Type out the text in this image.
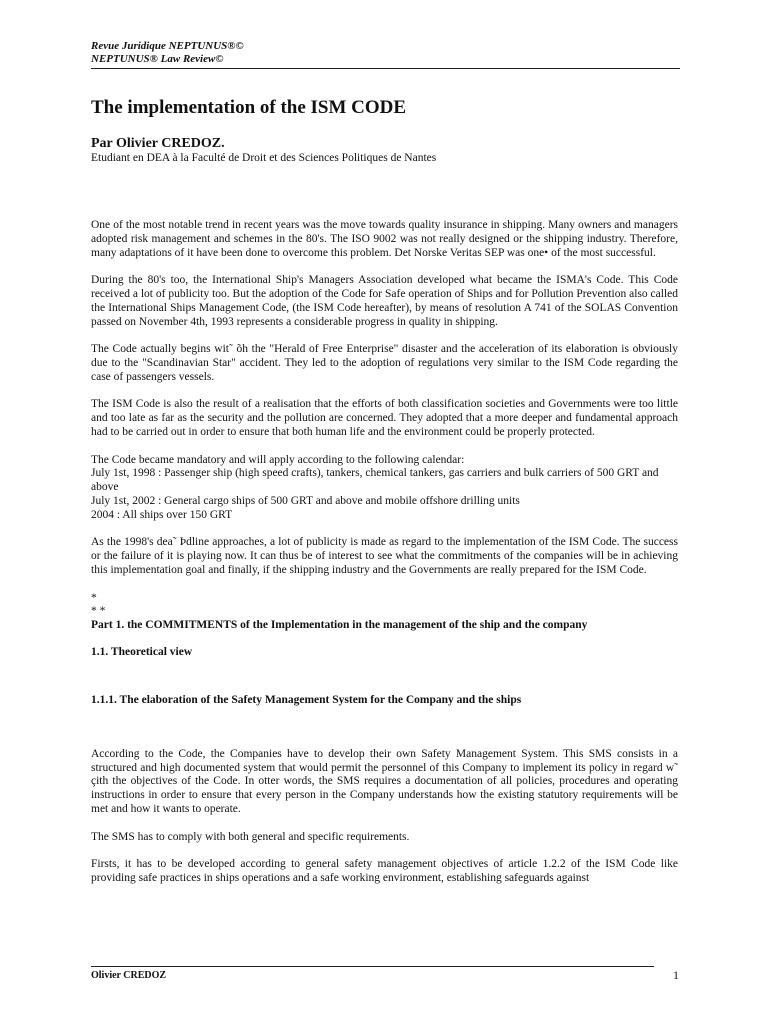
Revue Juridique NEPTUNUS®©
NEPTUNUS® Law Review©
The implementation of the ISM CODE

Par Olivier CREDOZ.

Etudiant en DEA à la Faculté de Droit et des Sciences Politiques de Nantes

One of the most notable trend in recent years was the move towards quality insurance in shipping. Many owners and managers adopted risk management and schemes in the 80's. The ISO 9002 was not really designed or the shipping industry. Therefore, many adaptations of it have been done to overcome this problem. Det Norske Veritas SEP was one• of the most successful.

During the 80's too, the International Ship's Managers Association developed what became the ISMA's Code. This Code received a lot of publicity too. But the adoption of the Code for Safe operation of Ships and for Pollution Prevention also called the International Ships Management Code, (the ISM Code hereafter), by means of resolution A 741 of the SOLAS Convention passed on November 4th, 1993 represents a considerable progress in quality in shipping.

The Code actually begins wit˜ õh the "Herald of Free Enterprise" disaster and the acceleration of its elaboration is obviously due to the "Scandinavian Star" accident. They led to the adoption of regulations very similar to the ISM Code regarding the case of passengers vessels.

The ISM Code is also the result of a realisation that the efforts of both classification societies and Governments were too little and too late as far as the security and the pollution are concerned. They adopted that a more deeper and fundamental approach had to be carried out in order to ensure that both human life and the environment could be properly protected.

The Code became mandatory and will apply according to the following calendar:
July 1st, 1998 : Passenger ship (high speed crafts), tankers, chemical tankers, gas carriers and bulk carriers of 500 GRT and above
July 1st, 2002 : General cargo ships of 500 GRT and above and mobile offshore drilling units
2004 : All ships over 150 GRT

As the 1998's dea˜ Þdline approaches, a lot of publicity is made as regard to the implementation of the ISM Code. The success or the failure of it is playing now. It can thus be of interest to see what the commitments of the companies will be in achieving this implementation goal and finally, if the shipping industry and the Governments are really prepared for the ISM Code.

*

* *

Part 1. the COMMITMENTS of the Implementation in the management of the ship and the company
1.1. Theoretical view
1.1.1. The elaboration of the Safety Management System for the Company and the ships

According to the Code, the Companies have to develop their own Safety Management System. This SMS consists in a structured and high documented system that would permit the personnel of this Company to implement its policy in regard w˜ çith the objectives of the Code. In otter words, the SMS requires a documentation of all policies, procedures and operating instructions in order to ensure that every person in the Company understands how the existing statutory requirements will be met and how it wants to operate.

The SMS has to comply with both general and specific requirements.

Firsts, it has to be developed according to general safety management objectives of article 1.2.2 of the ISM Code like providing safe practices in ships operations and a safe working environment, establishing safeguards against

Olivier CREDOZ	1
